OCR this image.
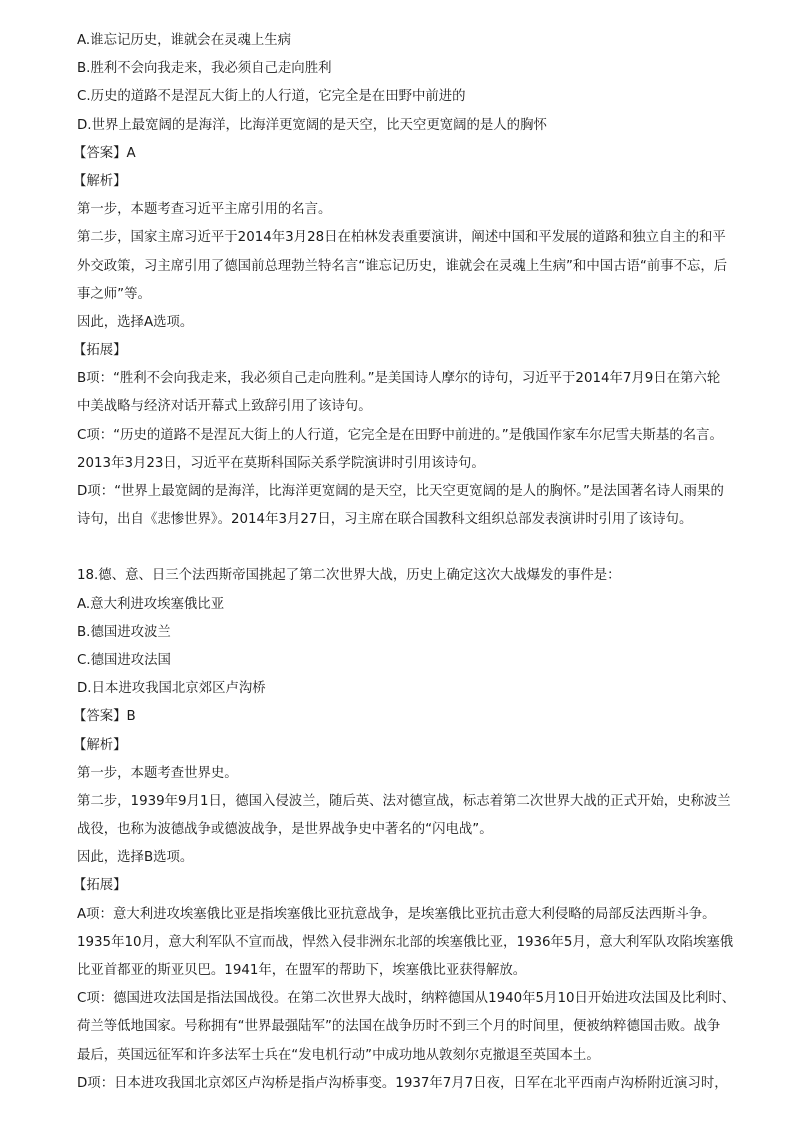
A.谁忘记历史，谁就会在灵魂上生病
B.胜利不会向我走来，我必须自己走向胜利
C.历史的道路不是涅瓦大街上的人行道，它完全是在田野中前进的
D.世界上最宽阔的是海洋，比海洋更宽阔的是天空，比天空更宽阔的是人的胸怀
【答案】A
【解析】
第一步，本题考查习近平主席引用的名言。
第二步，国家主席习近平于2014年3月28日在柏林发表重要演讲，阐述中国和平发展的道路和独立自主的和平
外交政策，习主席引用了德国前总理勃兰特名言“谁忘记历史，谁就会在灵魂上生病”和中国古语“前事不忘，后
事之师”等。
因此，选择A选项。
【拓展】
B项：“胜利不会向我走来，我必须自己走向胜利。”是美国诗人摩尔的诗句，习近平于2014年7月9日在第六轮
中美战略与经济对话开幕式上致辞引用了该诗句。
C项：“历史的道路不是涅瓦大街上的人行道，它完全是在田野中前进的。”是俄国作家车尔尼雪夫斯基的名言。
2013年3月23日，习近平在莫斯科国际关系学院演讲时引用该诗句。
D项：“世界上最宽阔的是海洋，比海洋更宽阔的是天空，比天空更宽阔的是人的胸怀。”是法国著名诗人雨果的
诗句，出自《悲惨世界》。2014年3月27日，习主席在联合国教科文组织总部发表演讲时引用了该诗句。
18.德、意、日三个法西斯帝国挑起了第二次世界大战，历史上确定这次大战爆发的事件是：
A.意大利进攻埃塞俄比亚
B.德国进攻波兰
C.德国进攻法国
D.日本进攻我国北京郊区卢沟桥
【答案】B
【解析】
第一步，本题考查世界史。
第二步，1939年9月1日，德国入侵波兰，随后英、法对德宣战，标志着第二次世界大战的正式开始，史称波兰
战役，也称为波德战争或德波战争，是世界战争史中著名的“闪电战”。
因此，选择B选项。
【拓展】
A项：意大利进攻埃塞俄比亚是指埃塞俄比亚抗意战争，是埃塞俄比亚抗击意大利侵略的局部反法西斯斗争。
1935年10月，意大利军队不宣而战，悍然入侵非洲东北部的埃塞俄比亚，1936年5月，意大利军队攻陷埃塞俄
比亚首都亚的斯亚贝巴。1941年，在盟军的帮助下，埃塞俄比亚获得解放。
C项：德国进攻法国是指法国战役。在第二次世界大战时，纳粹德国从1940年5月10日开始进攻法国及比利时、
荷兰等低地国家。号称拥有“世界最强陆军”的法国在战争历时不到三个月的时间里，便被纳粹德国击败。战争
最后，英国远征军和许多法军士兵在“发电机行动”中成功地从敦刻尔克撤退至英国本土。
D项：日本进攻我国北京郊区卢沟桥是指卢沟桥事变。1937年7月7日夜，日军在北平西南卢沟桥附近演习时，
